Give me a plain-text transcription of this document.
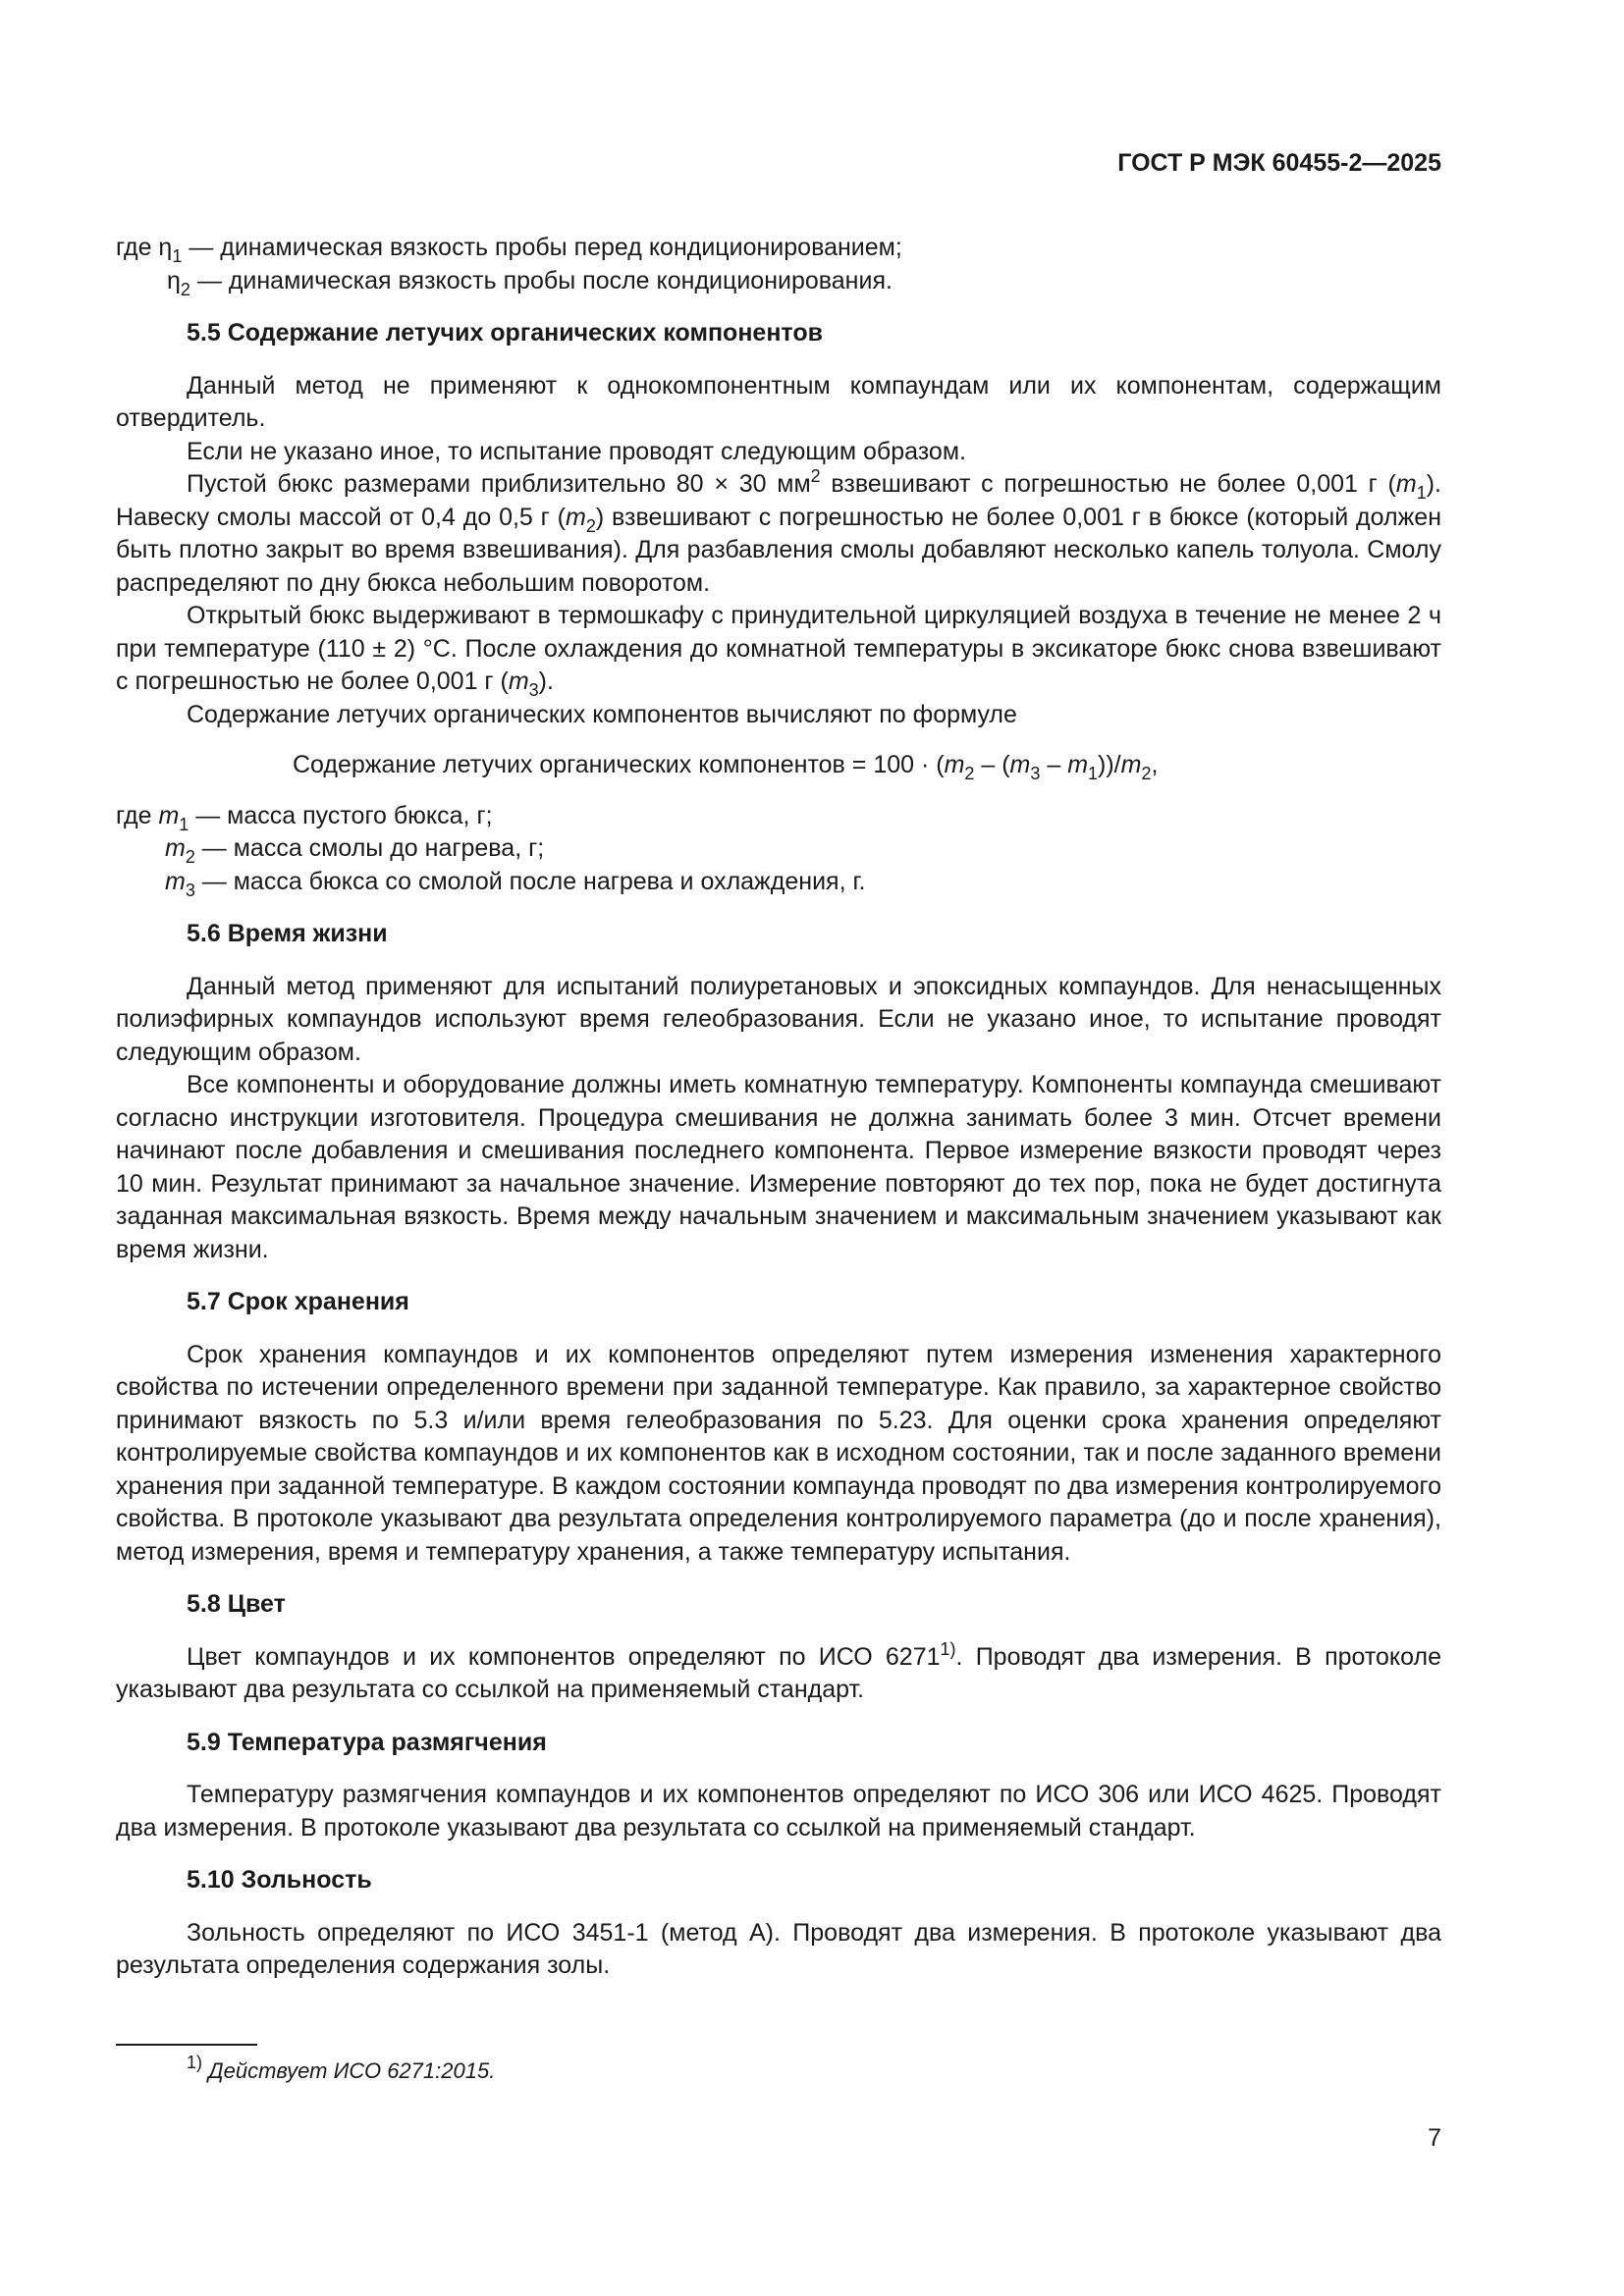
ГОСТ Р МЭК 60455-2—2025
где $\eta_1$ — динамическая вязкость пробы перед кондиционированием;
$\eta_2$ — динамическая вязкость пробы после кондиционирования.

5.5 Содержание летучих органических компонентов

Данный метод не применяют к однокомпонентным компаундам или их компонентам, содержащим отвердитель.

Если не указано иное, то испытание проводят следующим образом.

Пустой бюкс размерами приблизительно 80 × 30 $мм^2$ взвешивают с погрешностью не более 0,001 г $(m_1)$. Навеску смолы массой от 0,4 до 0,5 г $(m_2)$ взвешивают с погрешностью не более 0,001 г в бюксе (который должен быть плотно закрыт во время взвешивания). Для разбавления смолы добавляют несколько капель толуола. Смолу распределяют по дну бюкса небольшим поворотом.

Открытый бюкс выдерживают в термошкафу с принудительной циркуляцией воздуха в течение не менее 2 ч при температуре (110 ± 2) °С. После охлаждения до комнатной температуры в эксикаторе бюкс снова взвешивают с погрешностью не более 0,001 г $(m_3)$.

Содержание летучих органических компонентов вычисляют по формуле

Содержание летучих органических компонентов = $100 \cdot (m_2 - (m_3 - m_1))/m_2$,
где $m_1$ — масса пустого бюкса, г;
$m_2$ — масса смолы до нагрева, г;
$m_3$ — масса бюкса со смолой после нагрева и охлаждения, г.

5.6 Время жизни

Данный метод применяют для испытаний полиуретановых и эпоксидных компаундов. Для ненасыщенных полиэфирных компаундов используют время гелеобразования. Если не указано иное, то испытание проводят следующим образом.

Все компоненты и оборудование должны иметь комнатную температуру. Компоненты компаунда смешивают согласно инструкции изготовителя. Процедура смешивания не должна занимать более 3 мин. Отсчет времени начинают после добавления и смешивания последнего компонента. Первое измерение вязкости проводят через 10 мин. Результат принимают за начальное значение. Измерение повторяют до тех пор, пока не будет достигнута заданная максимальная вязкость. Время между начальным значением и максимальным значением указывают как время жизни.

5.7 Срок хранения

Срок хранения компаундов и их компонентов определяют путем измерения изменения характерного свойства по истечении определенного времени при заданной температуре. Как правило, за характерное свойство принимают вязкость по 5.3 и/или время гелеобразования по 5.23. Для оценки срока хранения определяют контролируемые свойства компаундов и их компонентов как в исходном состоянии, так и после заданного времени хранения при заданной температуре. В каждом состоянии компаунда проводят по два измерения контролируемого свойства. В протоколе указывают два результата определения контролируемого параметра (до и после хранения), метод измерения, время и температуру хранения, а также температуру испытания.

5.8 Цвет

Цвет компаундов и их компонентов определяют по ИСО 6271$^{1)}$. Проводят два измерения. В протоколе указывают два результата со ссылкой на применяемый стандарт.

5.9 Температура размягчения

Температуру размягчения компаундов и их компонентов определяют по ИСО 306 или ИСО 4625. Проводят два измерения. В протоколе указывают два результата со ссылкой на применяемый стандарт.

5.10 Зольность

Зольность определяют по ИСО 3451-1 (метод А). Проводят два измерения. В протоколе указывают два результата определения содержания золы.

$^{1)}$ Действует ИСО 6271:2015.
7
